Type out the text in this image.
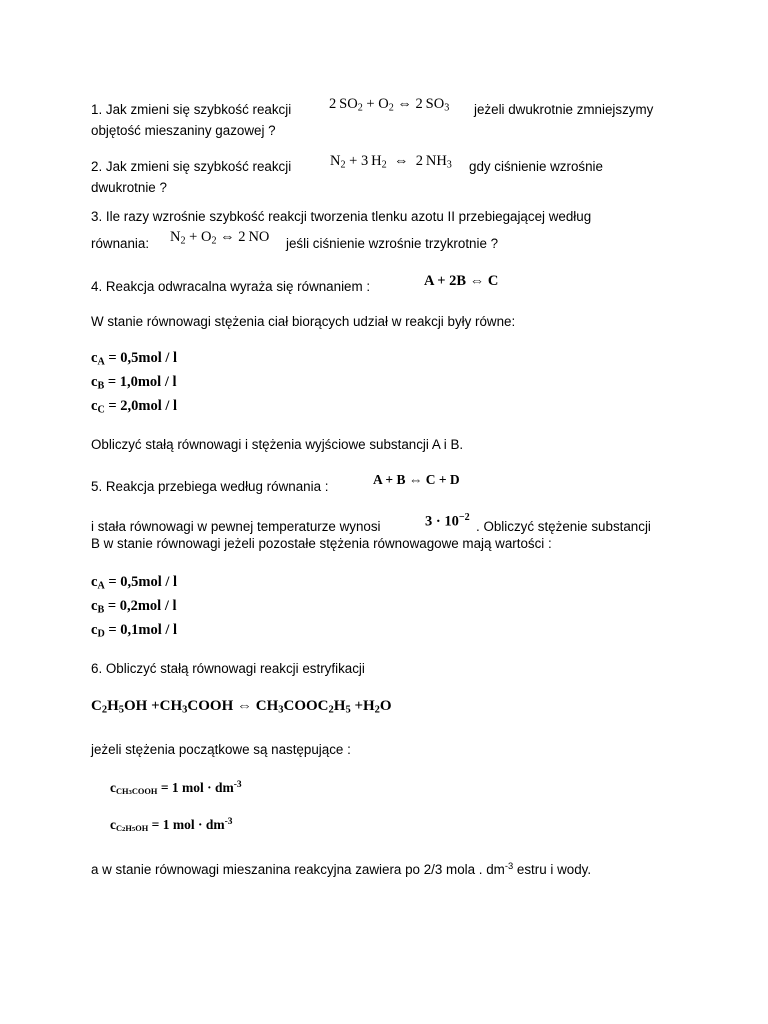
1. Jak zmieni się szybkość reakcji	2  $SO_2 + O_2$ ⇔ 2  $SO_3$ jeżeli dwukrotnie zmniejszymy
objętość mieszaniny gazowej ?
2. Jak zmieni się szybkość reakcji	$N_2 + 3$  $H_2$ ⇔ 2  $NH_3$ gdy ciśnienie wzrośnie
dwukrotnie ?
3. Ile razy wzrośnie szybkość reakcji tworzenia tlenku azotu II przebiegającej według
równania: $N_2 + O_2$ ⇔ 2  NO jeśli ciśnienie wzrośnie trzykrotnie ?
4. Reakcja odwracalna wyraża się równaniem :	A + 2B ⇔ C
W stanie równowagi stężenia ciał biorących udział w reakcji były równe:
$c_A = 0,5mol / l$
$c_B = 1,0mol / l$
$c_C = 2,0mol / l$
Obliczyć stałą równowagi i stężenia wyjściowe substancji A i B.
5. Reakcja przebiega według równania :	A + B ⇔ C + D
i stała równowagi w pewnej temperaturze wynosi	$3 \cdot 10^{-2}$
. Obliczyć stężenie substancji
B w stanie równowagi jeżeli pozostałe stężenia równowagowe mają wartości :
$c_A = 0,5mol / l$
$c_B = 0,2mol / l$
$c_D = 0,1mol / l$
6. Obliczyć stałą równowagi reakcji estryfikacji
$C_2H_5OH$ $+CH_3COOH$ ⇔ $CH_3COOC_2H_5 +H_2O$
jeżeli stężenia początkowe są następujące :
$c_{CH3COOH} = 1$ mol · $dm^{-3}$
$c_{C2H5OH} = 1$ mol · $dm^{-3}$
a w stanie równowagi mieszanina reakcyjna zawiera po 2/3 mola . $dm^{-3}$ estru i wody.
